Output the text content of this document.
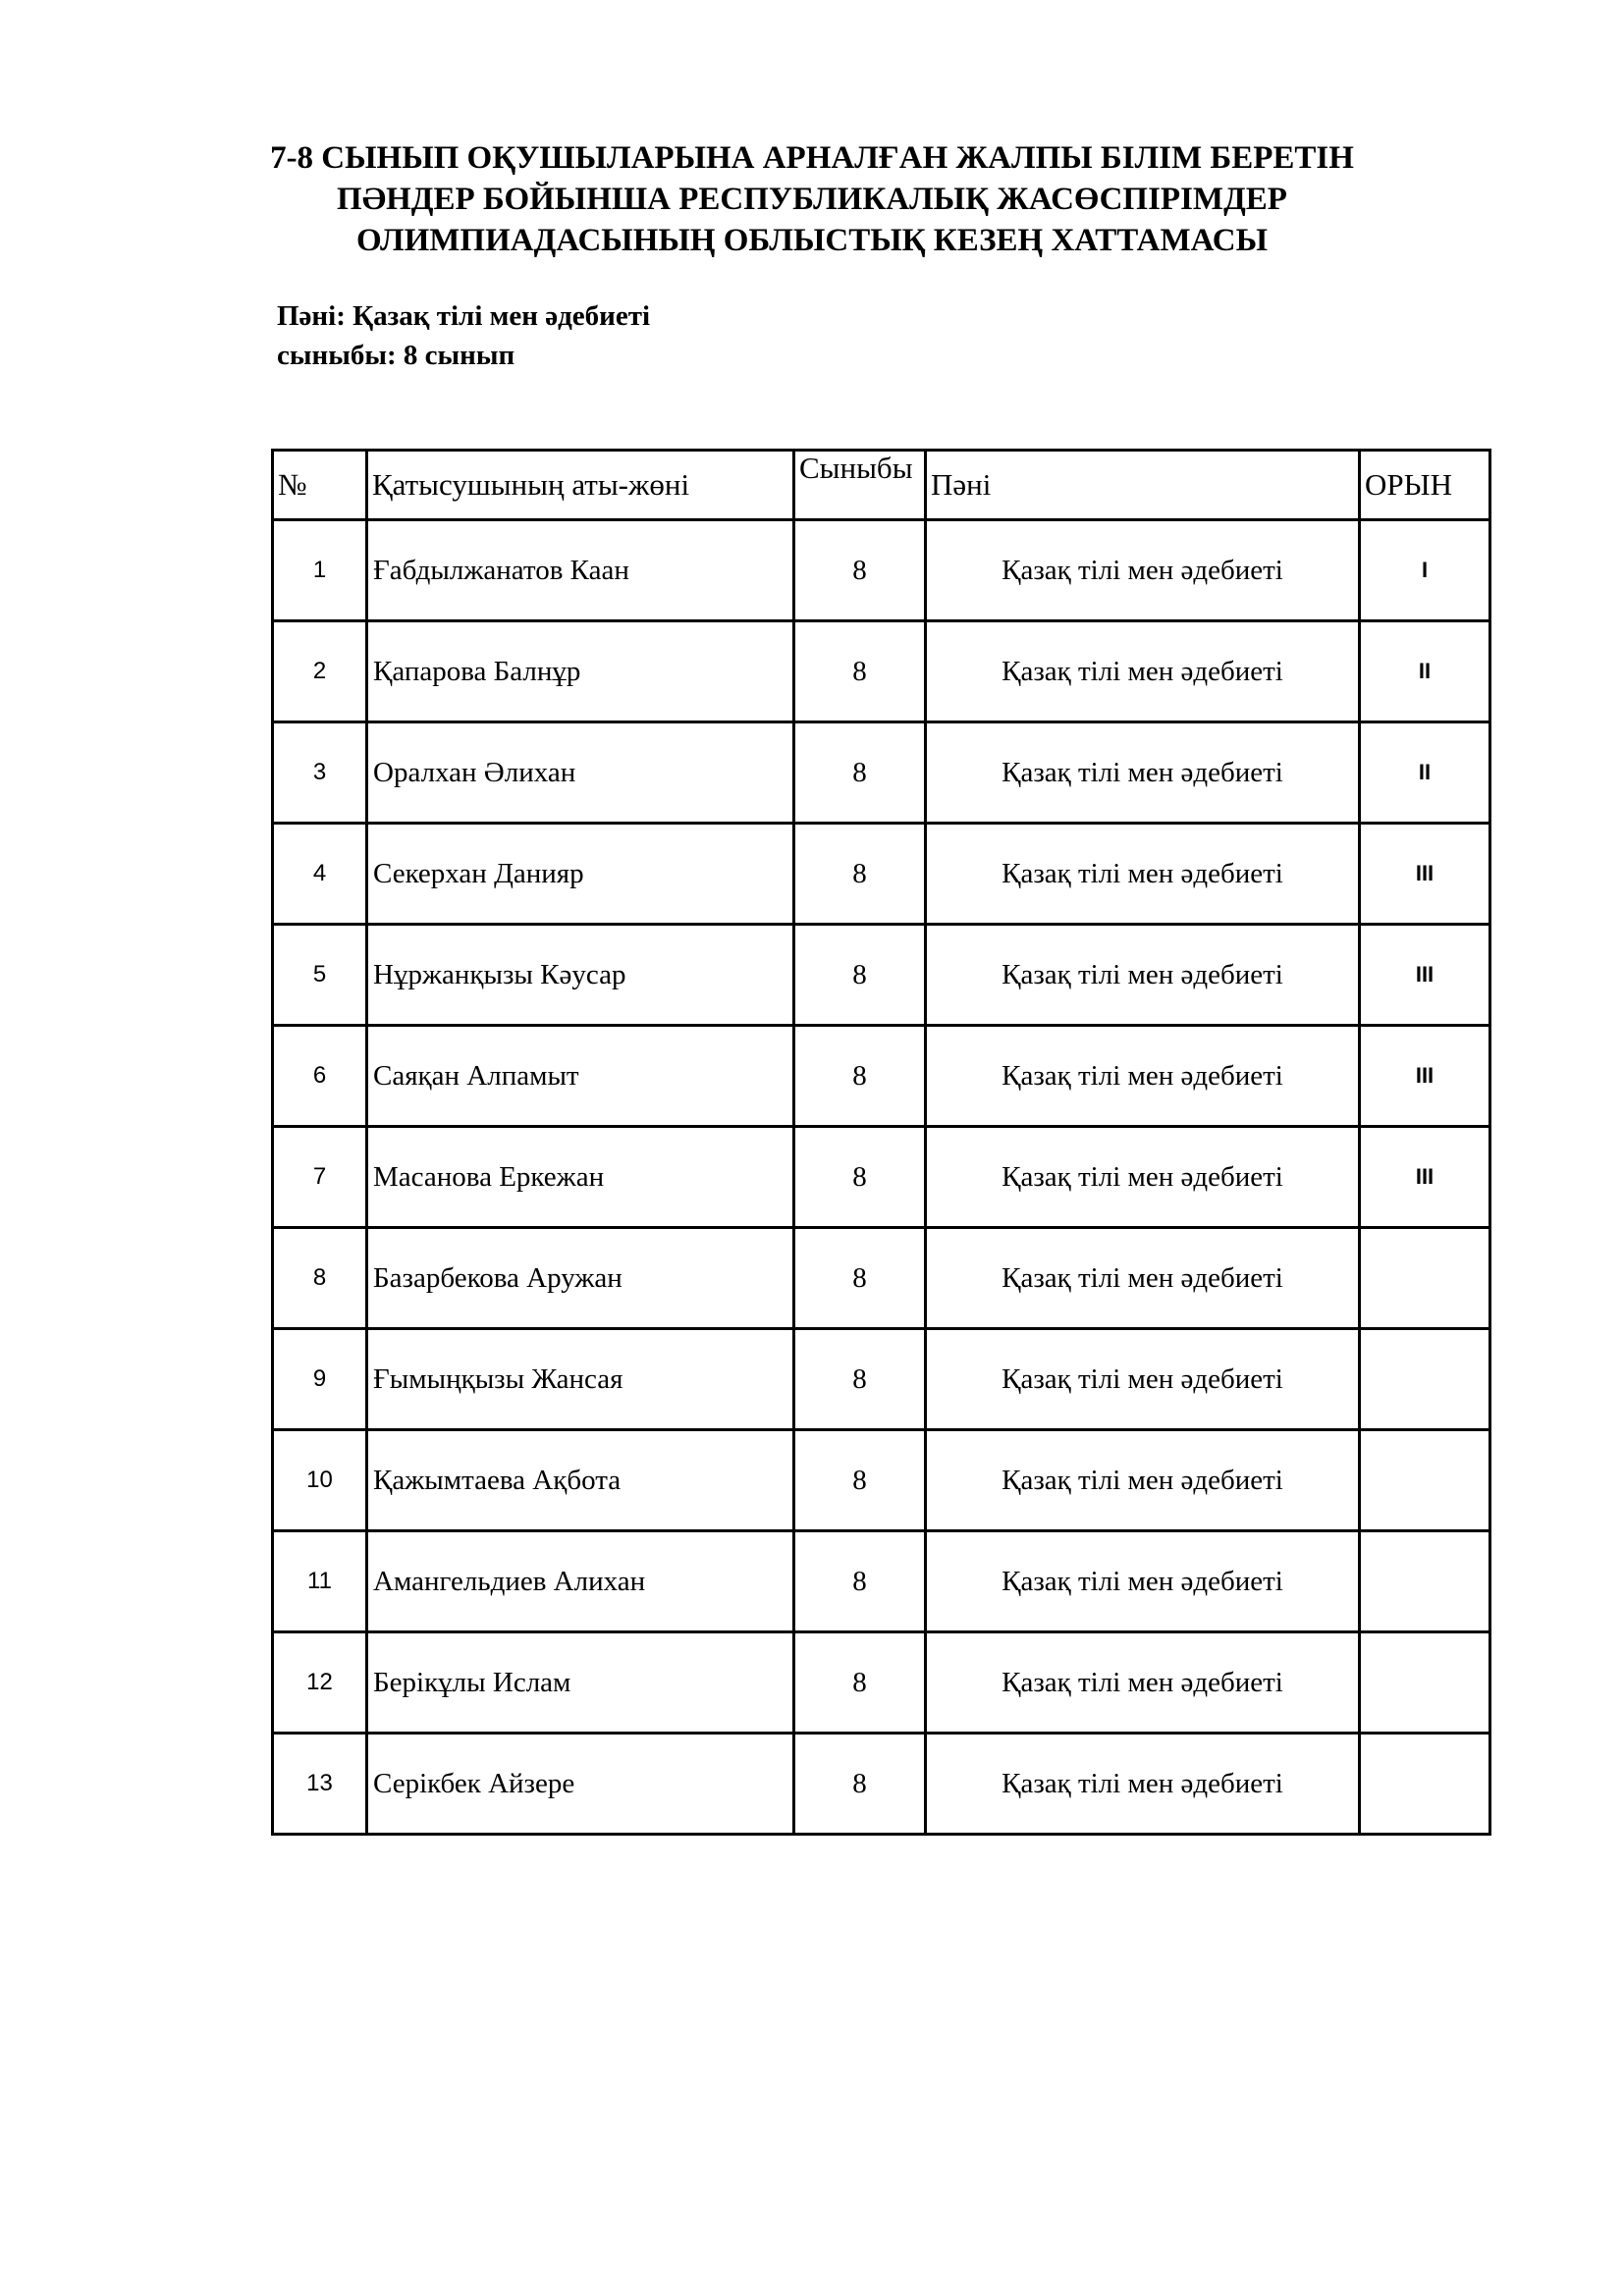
7-8 СЫНЫП ОҚУШЫЛАРЫНА АРНАЛҒАН ЖАЛПЫ БІЛІМ БЕРЕТІН
ПӘНДЕР БОЙЫНША РЕСПУБЛИКАЛЫҚ ЖАСӨСПІРІМДЕР
ОЛИМПИАДАСЫНЫҢ ОБЛЫСТЫҚ КЕЗЕҢ ХАТТАМАСЫ
Пәні: Қазақ тілі мен әдебиеті
сыныбы: 8 сынып
№	Қатысушының аты-жөні	Сыныбы	Пәні	ОРЫН
1	Ғабдылжанатов Каан	8	Қазақ тілі мен әдебиеті	I
2	Қапарова Балнұр	8	Қазақ тілі мен әдебиеті	II
3	Оралхан Әлихан	8	Қазақ тілі мен әдебиеті	II
4	Секерхан Данияр	8	Қазақ тілі мен әдебиеті	III
5	Нұржанқызы Кәусар	8	Қазақ тілі мен әдебиеті	III
6	Саяқан Алпамыт	8	Қазақ тілі мен әдебиеті	III
7	Масанова Еркежан	8	Қазақ тілі мен әдебиеті	III
8	Базарбекова Аружан	8	Қазақ тілі мен әдебиеті	
9	Ғымыңқызы Жансая	8	Қазақ тілі мен әдебиеті	
10	Қажымтаева Ақбота	8	Қазақ тілі мен әдебиеті	
11	Амангельдиев Алихан	8	Қазақ тілі мен әдебиеті	
12	Берікұлы Ислам	8	Қазақ тілі мен әдебиеті	
13	Серікбек Айзере	8	Қазақ тілі мен әдебиеті	
